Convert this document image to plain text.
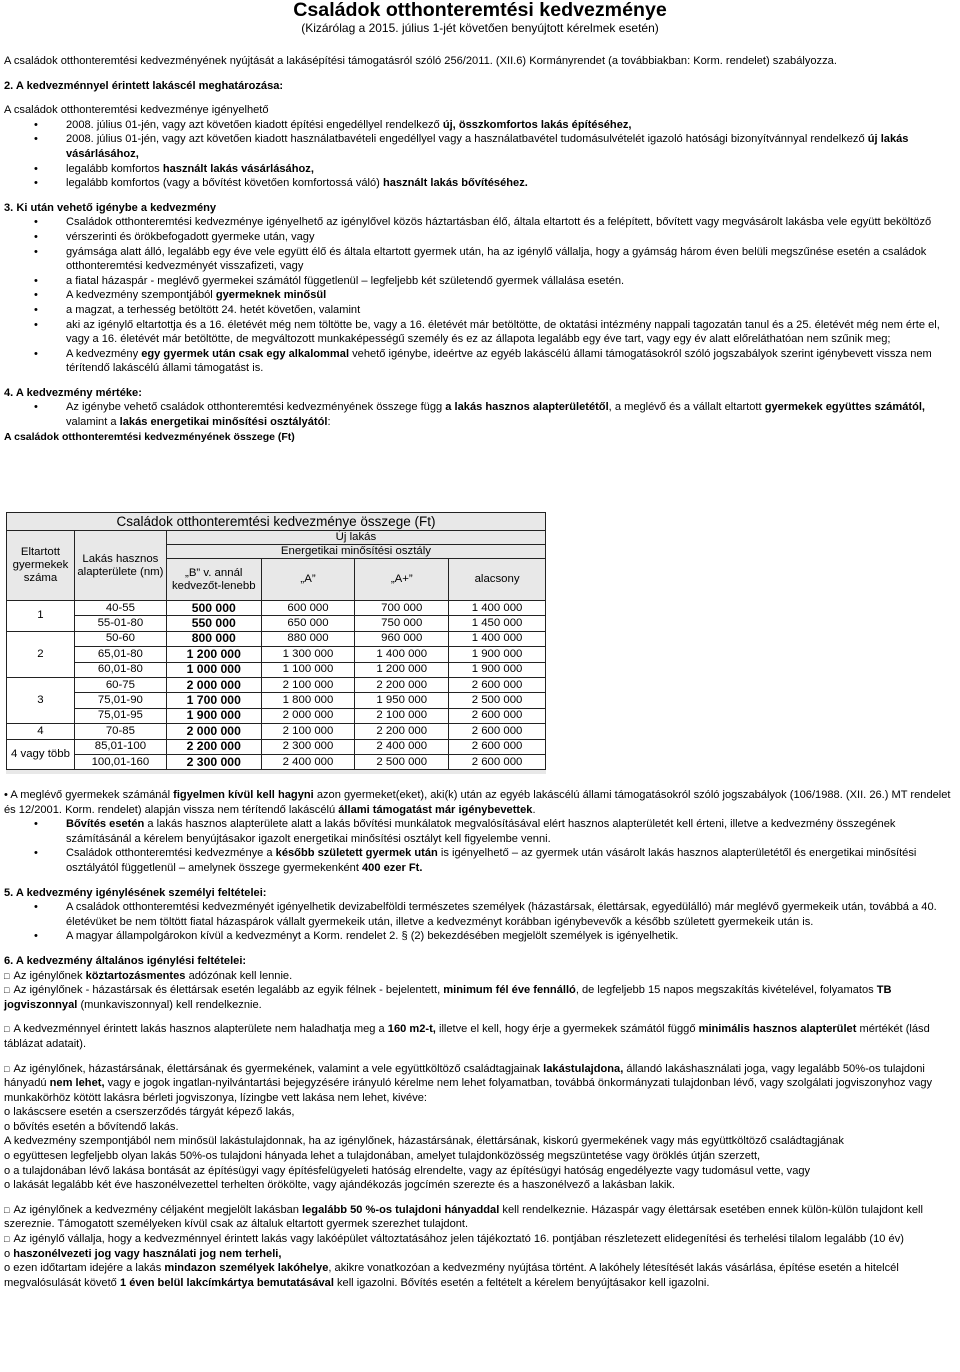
Családok otthonteremtési kedvezménye
(Kizárólag a 2015. július 1-jét követően benyújtott kérelmek esetén)
A családok otthonteremtési kedvezményének nyújtását a lakásépítési támogatásról szóló 256/2011. (XII.6) Kormányrendet (a továbbiakban: Korm. rendelet) szabályozza.
2. A kedvezménnyel érintett lakáscél meghatározása:
A családok otthonteremtési kedvezménye igényelhető
• 2008. július 01-jén, vagy azt követően kiadott építési engedéllyel rendelkező új, összkomfortos lakás építéséhez,
• 2008. július 01-jén, vagy azt követően kiadott használatbavételi engedéllyel vagy a használatbavétel tudomásulvételét igazoló hatósági bizonyítvánnyal rendelkező új lakás vásárlásához,
• legalább komfortos használt lakás vásárlásához,
• legalább komfortos (vagy a bővítést követően komfortossá váló) használt lakás bővítéséhez.
3. Ki után vehető igénybe a kedvezmény
• Családok otthonteremtési kedvezménye igényelhető az igénylővel közös háztartásban élő, általa eltartott és a felépített, bővített vagy megvásárolt lakásba vele együtt beköltöző
• vérszerinti és örökbefogadott gyermeke után, vagy
• gyámsága alatt álló, legalább egy éve vele együtt élő és általa eltartott gyermek után, ha az igénylő vállalja, hogy a gyámság három éven belüli megszűnése esetén a családok otthonteremtési kedvezményét visszafizeti, vagy
• a fiatal házaspár - meglévő gyermekei számától függetlenül – legfeljebb két születendő gyermek vállalása esetén.
• A kedvezmény szempontjából gyermeknek minősül
• a magzat, a terhesség betöltött 24. hetét követően, valamint
• aki az igénylő eltartottja és a 16. életévét még nem töltötte be, vagy a 16. életévét már betöltötte, de oktatási intézmény nappali tagozatán tanul és a 25. életévét még nem érte el, vagy a 16. életévét már betöltötte, de megváltozott munkaképességű személy és ez az állapota legalább egy éve tart, vagy egy év alatt előreláthatóan nem szűnik meg;
• A kedvezmény egy gyermek után csak egy alkalommal vehető igénybe, ideértve az egyéb lakáscélú állami támogatásokról szóló jogszabályok szerint igénybevett vissza nem térítendő lakáscélú állami támogatást is.
4. A kedvezmény mértéke:
• Az igénybe vehető családok otthonteremtési kedvezményének összege függ a lakás hasznos alapterületétől, a meglévő és a vállalt eltartott gyermekek együttes számától, valamint a lakás energetikai minősítési osztályától:
A családok otthonteremtési kedvezményének összege (Ft)
Családok otthonteremtési kedvezménye összege (Ft)					
Eltartott gyermekek száma	Lakás hasznos alapterülete (nm)	Új lakás			
		Energetikai minősítési osztály			
		„B” v. annál kedvezőt-lenebb	„A”	„A+”	alacsony
1	40-55	500 000	600 000	700 000	1 400 000
	55-01-80	550 000	650 000	750 000	1 450 000
2	50-60	800 000	880 000	960 000	1 400 000
	65,01-80	1 200 000	1 300 000	1 400 000	1 900 000
	60,01-80	1 000 000	1 100 000	1 200 000	1 900 000
3	60-75	2 000 000	2 100 000	2 200 000	2 600 000
	75,01-90	1 700 000	1 800 000	1 950 000	2 500 000
	75,01-95	1 900 000	2 000 000	2 100 000	2 600 000
4	70-85	2 000 000	2 100 000	2 200 000	2 600 000
4 vagy több	85,01-100	2 200 000	2 300 000	2 400 000	2 600 000
	100,01-160	2 300 000	2 400 000	2 500 000	2 600 000
• A meglévő gyermekek számánál figyelmen kívül kell hagyni azon gyermeket(eket), aki(k) után az egyéb lakáscélú állami támogatásokról szóló jogszabályok (106/1988. (XII. 26.) MT rendelet és 12/2001. Korm. rendelet) alapján vissza nem térítendő lakáscélú állami támogatást már igénybevettek.
• Bővítés esetén a lakás hasznos alapterülete alatt a lakás bővítési munkálatok megvalósításával elért hasznos alapterületét kell érteni, illetve a kedvezmény összegének számításánál a kérelem benyújtásakor igazolt energetikai minősítési osztályt kell figyelembe venni.
• Családok otthonteremtési kedvezménye a később született gyermek után is igényelhető – az gyermek után vásárolt lakás hasznos alapterületétől és energetikai minősítési osztályától függetlenül – amelynek összege gyermekenként 400 ezer Ft.
5. A kedvezmény igénylésének személyi feltételei:
• A családok otthonteremtési kedvezményét igényelhetik devizabelföldi természetes személyek (házastársak, élettársak, egyedülálló) már meglévő gyermekeik után, továbbá a 40. életévüket be nem töltött fiatal házaspárok vállalt gyermekeik után, illetve a kedvezményt korábban igénybevevők a később született gyermekeik után is.
• A magyar állampolgárokon kívül a kedvezményt a Korm. rendelet 2. § (2) bekezdésében megjelölt személyek is igényelhetik.
6. A kedvezmény általános igénylési feltételei:
□ Az igénylőnek köztartozásmentes adózónak kell lennie.
□ Az igénylőnek - házastársak és élettársak esetén legalább az egyik félnek - bejelentett, minimum fél éve fennálló, de legfeljebb 15 napos megszakítás kivételével, folyamatos TB jogviszonnyal (munkaviszonnyal) kell rendelkeznie.
□ A kedvezménnyel érintett lakás hasznos alapterülete nem haladhatja meg a 160 m2-t, illetve el kell, hogy érje a gyermekek számától függő minimális hasznos alapterület mértékét (lásd táblázat adatait).
□ Az igénylőnek, házastársának, élettársának és gyermekének, valamint a vele együttköltöző családtagjainak lakástulajdona, állandó lakáshasználati joga, vagy legalább 50%-os tulajdoni hányadú nem lehet, vagy e jogok ingatlan-nyilvántartási bejegyzésére irányuló kérelme nem lehet folyamatban, továbbá önkormányzati tulajdonban lévő, vagy szolgálati jogviszonyhoz vagy munkakörhöz kötött lakásra bérleti jogviszonya, lízingbe vett lakása nem lehet, kivéve:
o lakáscsere esetén a cserszerződés tárgyát képező lakás,
o bővítés esetén a bővítendő lakás.
A kedvezmény szempontjából nem minősül lakástulajdonnak, ha az igénylőnek, házastársának, élettársának, kiskorú gyermekének vagy más együttköltöző családtagjának
o együttesen legfeljebb olyan lakás 50%-os tulajdoni hányada lehet a tulajdonában, amelyet tulajdonközösség megszüntetése vagy öröklés útján szerzett,
o a tulajdonában lévő lakása bontását az építésügyi vagy építésfelügyeleti hatóság elrendelte, vagy az építésügyi hatóság engedélyezte vagy tudomásul vette, vagy
o lakását legalább két éve haszonélvezettel terhelten örökölte, vagy ajándékozás jogcímén szerezte és a haszonélvező a lakásban lakik.
□ Az igénylőnek a kedvezmény céljaként megjelölt lakásban legalább 50 %-os tulajdoni hányaddal kell rendelkeznie. Házaspár vagy élettársak esetében ennek külön-külön tulajdont kell szereznie. Támogatott személyeken kívül csak az általuk eltartott gyermek szerezhet tulajdont.
□ Az igénylő vállalja, hogy a kedvezménnyel érintett lakás vagy lakóépület változtatásához jelen tájékoztató 16. pontjában részletezett elidegenítési és terhelési tilalom legalább (10 év)
o haszonélvezeti jog vagy használati jog nem terheli,
o ezen időtartam idejére a lakás mindazon személyek lakóhelye, akikre vonatkozóan a kedvezmény nyújtása történt. A lakóhely létesítését lakás vásárlása, építése esetén a hitelcél megvalósulását követő 1 éven belül lakcímkártya bemutatásával kell igazolni. Bővítés esetén a feltételt a kérelem benyújtásakor kell igazolni.
